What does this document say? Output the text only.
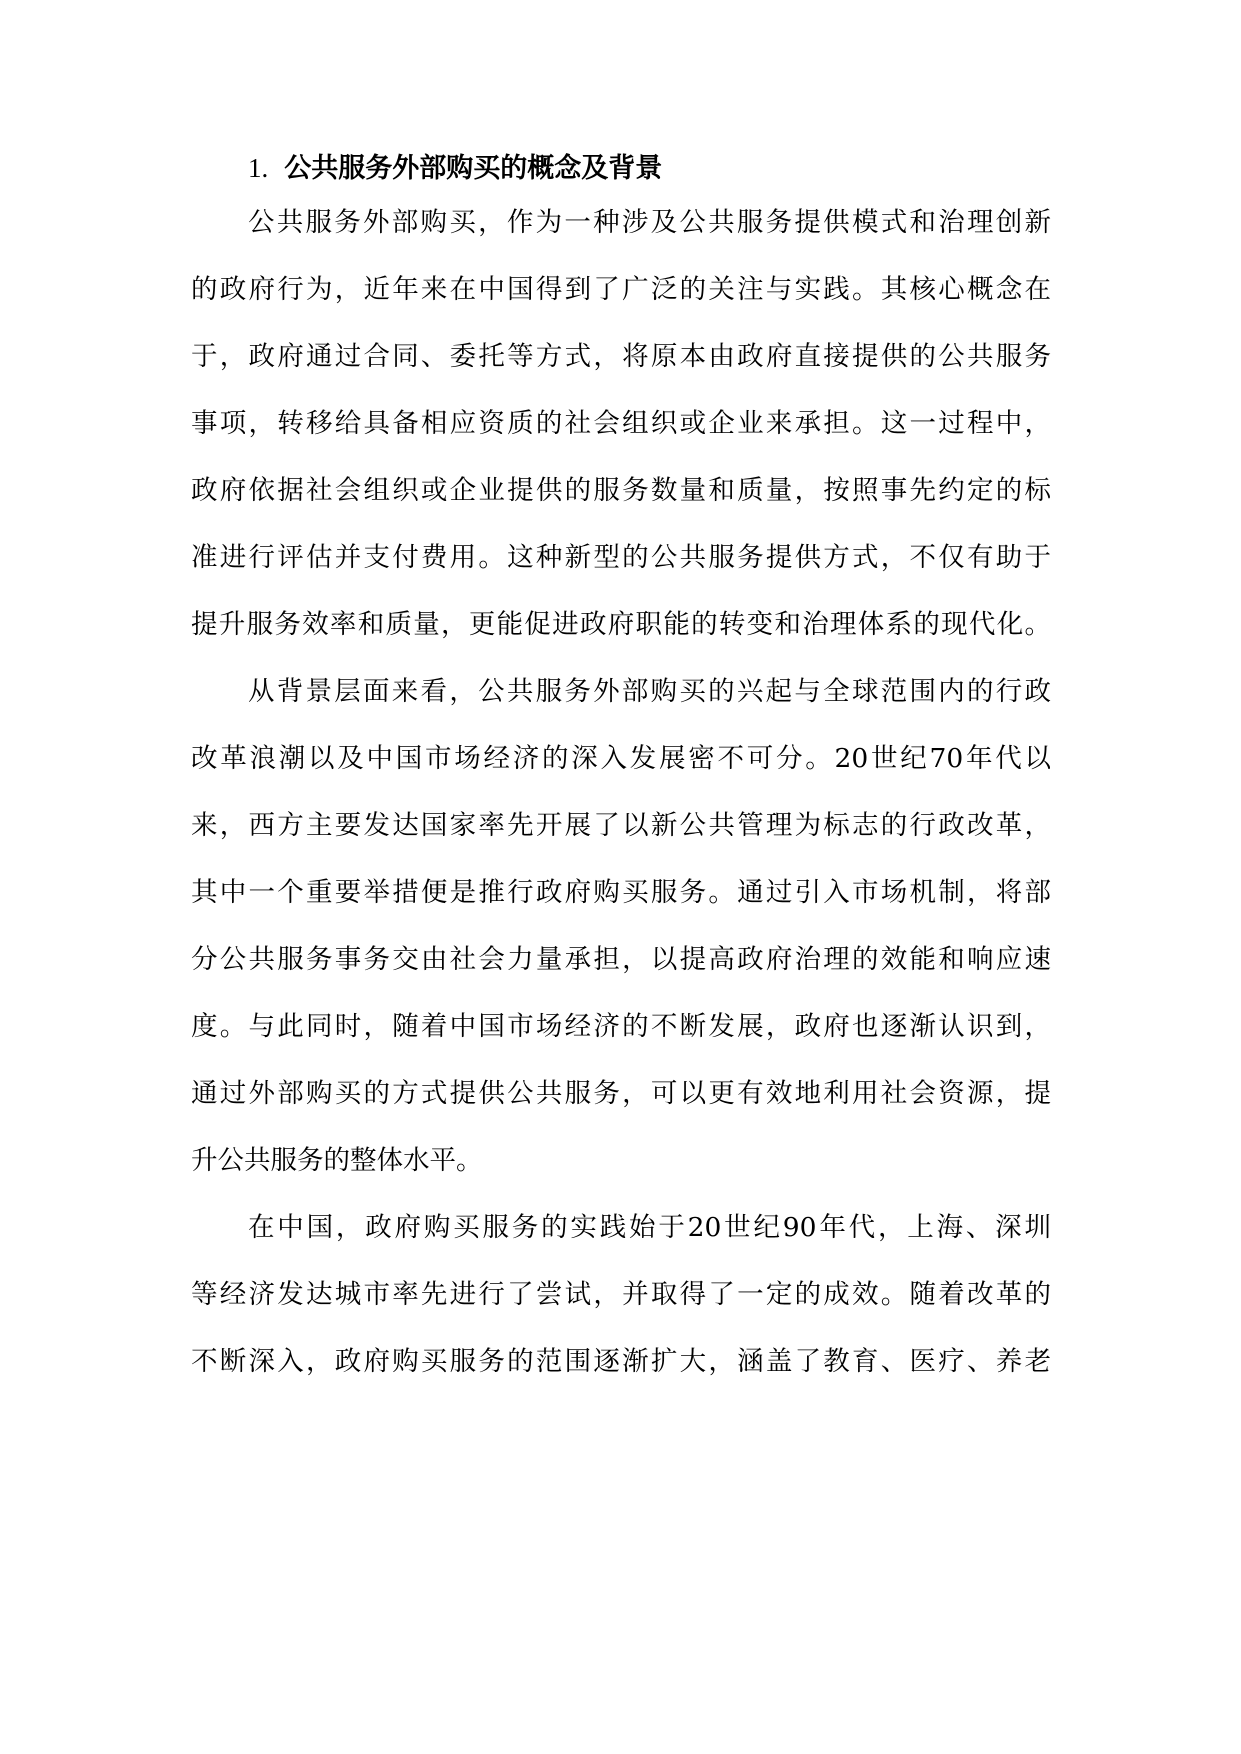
1. 公共服务外部购买的概念及背景

公共服务外部购买，作为一种涉及公共服务提供模式和治理创新

的政府行为，近年来在中国得到了广泛的关注与实践。其核心概念在

于，政府通过合同、委托等方式，将原本由政府直接提供的公共服务

事项，转移给具备相应资质的社会组织或企业来承担。这一过程中，

政府依据社会组织或企业提供的服务数量和质量，按照事先约定的标

准进行评估并支付费用。这种新型的公共服务提供方式，不仅有助于

提升服务效率和质量，更能促进政府职能的转变和治理体系的现代化。

从背景层面来看，公共服务外部购买的兴起与全球范围内的行政

改革浪潮以及中国市场经济的深入发展密不可分。20世纪70年代以

来，西方主要发达国家率先开展了以新公共管理为标志的行政改革，

其中一个重要举措便是推行政府购买服务。通过引入市场机制，将部

分公共服务事务交由社会力量承担，以提高政府治理的效能和响应速

度。与此同时，随着中国市场经济的不断发展，政府也逐渐认识到，

通过外部购买的方式提供公共服务，可以更有效地利用社会资源，提

升公共服务的整体水平。

在中国，政府购买服务的实践始于20世纪90年代，上海、深圳

等经济发达城市率先进行了尝试，并取得了一定的成效。随着改革的

不断深入，政府购买服务的范围逐渐扩大，涵盖了教育、医疗、养老
